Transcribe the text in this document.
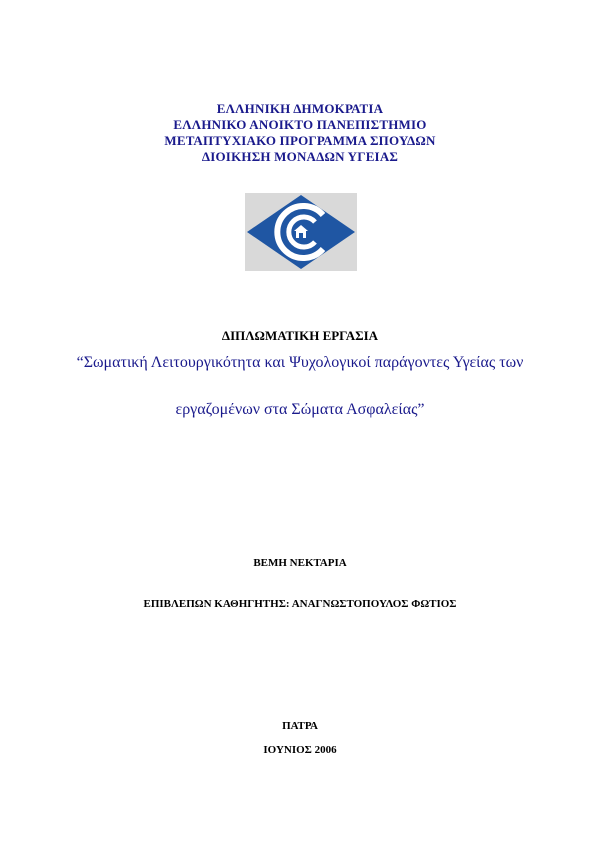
ΕΛΛΗΝΙΚΗ ΔΗΜΟΚΡΑΤΙΑ
ΕΛΛΗΝΙΚΟ ΑΝΟΙΚΤΟ ΠΑΝΕΠΙΣΤΗΜΙΟ
ΜΕΤΑΠΤΥΧΙΑΚΟ ΠΡΟΓΡΑΜΜΑ ΣΠΟΥΔΩΝ
ΔΙΟΙΚΗΣΗ ΜΟΝΑΔΩΝ ΥΓΕΙΑΣ
ΔΙΠΛΩΜΑΤΙΚΗ ΕΡΓΑΣΙΑ
“Σωματική Λειτουργικότητα και Ψυχολογικοί παράγοντες Υγείας των
εργαζομένων στα Σώματα Ασφαλείας”
ΒΕΜΗ ΝΕΚΤΑΡΙΑ
ΕΠΙΒΛΕΠΩΝ ΚΑΘΗΓΗΤΗΣ: ΑΝΑΓΝΩΣΤΟΠΟΥΛΟΣ ΦΩΤΙΟΣ
ΠΑΤΡΑ
ΙΟΥΝΙΟΣ 2006
